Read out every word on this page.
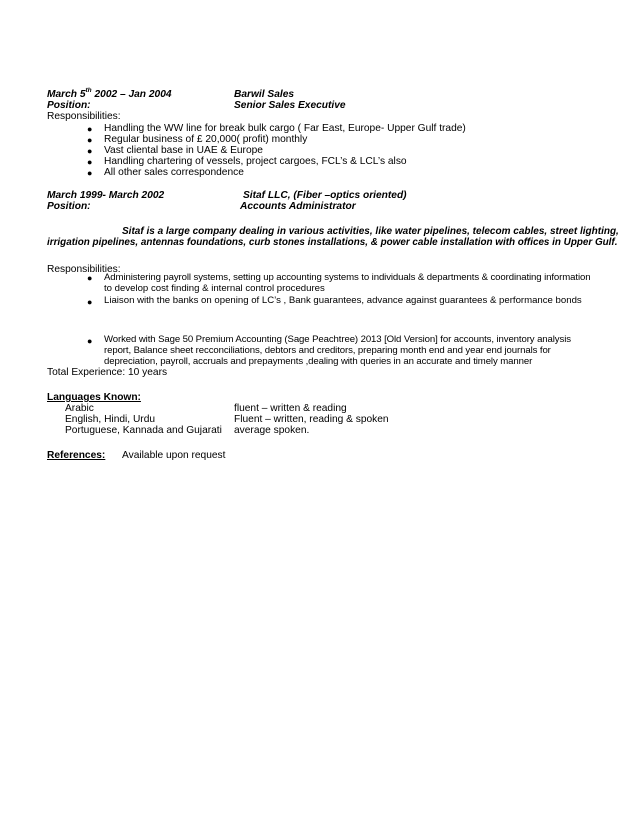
March 5th 2002 – Jan 2004	Barwil Sales
Position:	Senior Sales Executive
Responsibilities:
● Handling the WW line for break bulk cargo ( Far East, Europe- Upper Gulf trade)
● Regular business of £ 20,000( profit) monthly
● Vast cliental base in UAE & Europe
● Handling chartering of vessels, project cargoes, FCL’s & LCL’s also
● All other sales correspondence
March 1999- March 2002	Sitaf LLC, (Fiber –optics oriented)
Position:	Accounts Administrator
Sitaf is a large company dealing in various activities, like water pipelines, telecom cables, street lighting,
irrigation pipelines, antennas foundations, curb stones installations, & power cable installation with offices in Upper Gulf.
Responsibilities:
● Administering payroll systems, setting up accounting systems to individuals & departments & coordinating information
to develop cost finding & internal control procedures
● Liaison with the banks on opening of LC’s , Bank guarantees, advance against guarantees & performance bonds
● Worked with Sage 50 Premium Accounting (Sage Peachtree) 2013 [Old Version] for accounts, inventory analysis
report, Balance sheet recconciliations, debtors and creditors, preparing month end and year end journals for
depreciation, payroll, accruals and prepayments ,dealing with queries in an accurate and timely manner
Total Experience: 10 years
Languages Known:
Arabic	fluent – written & reading
English, Hindi, Urdu	Fluent – written, reading & spoken
Portuguese, Kannada and Gujarati average spoken.
References: Available upon request
